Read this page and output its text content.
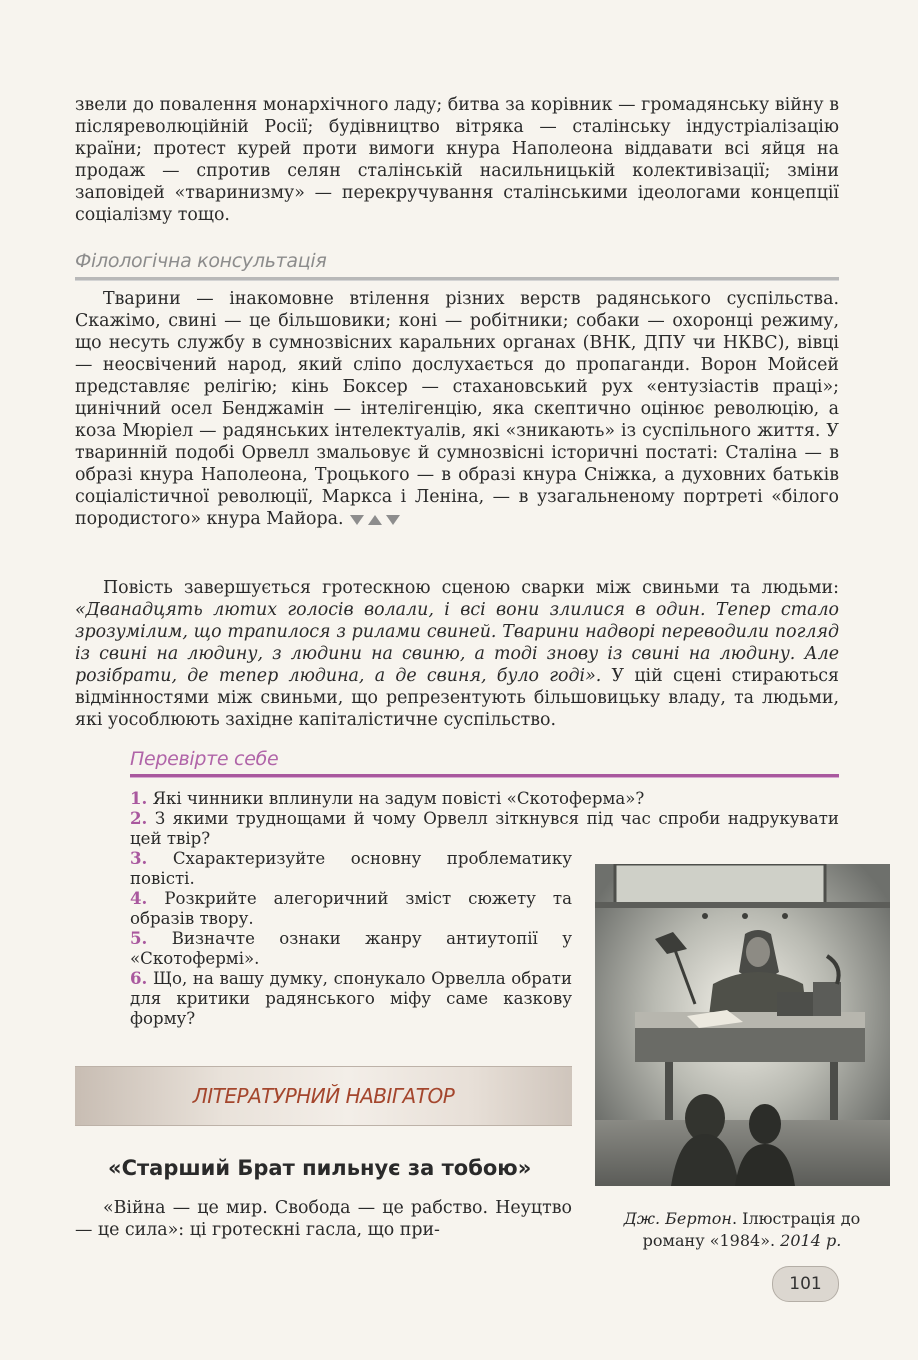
звели до повалення монархічного ладу; битва за корівник — громадянську війну в післяреволюційній Росії; будівництво вітряка — сталінську індустріалізацію країни; протест курей проти вимоги кнура Наполеона віддавати всі яйця на продаж — спротив селян сталінській насильницькій колективізації; зміни заповідей «тваринизму» — перекручування сталінськими ідеологами концепції соціалізму тощо.

Філологічна консультація

Тварини — інакомовне втілення різних верств радянського суспільства. Скажімо, свині — це більшовики; коні — робітники; собаки — охоронці режиму, що несуть службу в сумнозвісних каральних органах (ВНК, ДПУ чи НКВС), вівці — неосвічений народ, який сліпо дослухається до пропаганди. Ворон Мойсей представляє релігію; кінь Боксер — стахановський рух «ентузіастів праці»; цинічний осел Бенджамін — інтелігенцію, яка скептично оцінює революцію, а коза Мюріел — радянських інтелектуалів, які «зникають» із суспільного життя. У тваринній подобі Орвелл змальовує й сумнозвісні історичні постаті: Сталіна — в образі кнура Наполеона, Троцького — в образі кнура Сніжка, а духовних батьків соціалістичної революції, Маркса і Леніна, — в узагальненому портреті «білого породистого» кнура Майора.

Повість завершується гротескною сценою сварки між свиньми та людьми: «Дванадцять лютих голосів волали, і всі вони злилися в один. Тепер стало зрозумілим, що трапилося з рилами свиней. Тварини надворі переводили погляд із свині на людину, з людини на свиню, а тоді знову із свині на людину. Але розібрати, де тепер людина, а де свиня, було годі». У цій сцені стираються відмінностями між свиньми, що репрезентують більшовицьку владу, та людьми, які уособлюють західне капіталістичне суспільство.

Перевірте себе
1. Які чинники вплинули на задум повісті «Скотоферма»?
2. З якими труднощами й чому Орвелл зіткнувся під час спроби надрукувати цей твір?
3. Схарактеризуйте основну проблематику повісті.
4. Розкрийте алегоричний зміст сюжету та образів твору.
5. Визначте ознаки жанру антиутопії у «Скотофермі».
6. Що, на вашу думку, спонукало Орвелла обрати для критики радянського міфу саме казкову форму?
ЛІТЕРАТУРНИЙ НАВІГАТОР
«Старший Брат пильнує за тобою»

«Війна — це мир. Свобода — це рабство. Неуцтво — це сила»: ці гротескні гасла, що при-

Дж. Бертон. Ілюстрація до роману «1984». 2014 р.
101
